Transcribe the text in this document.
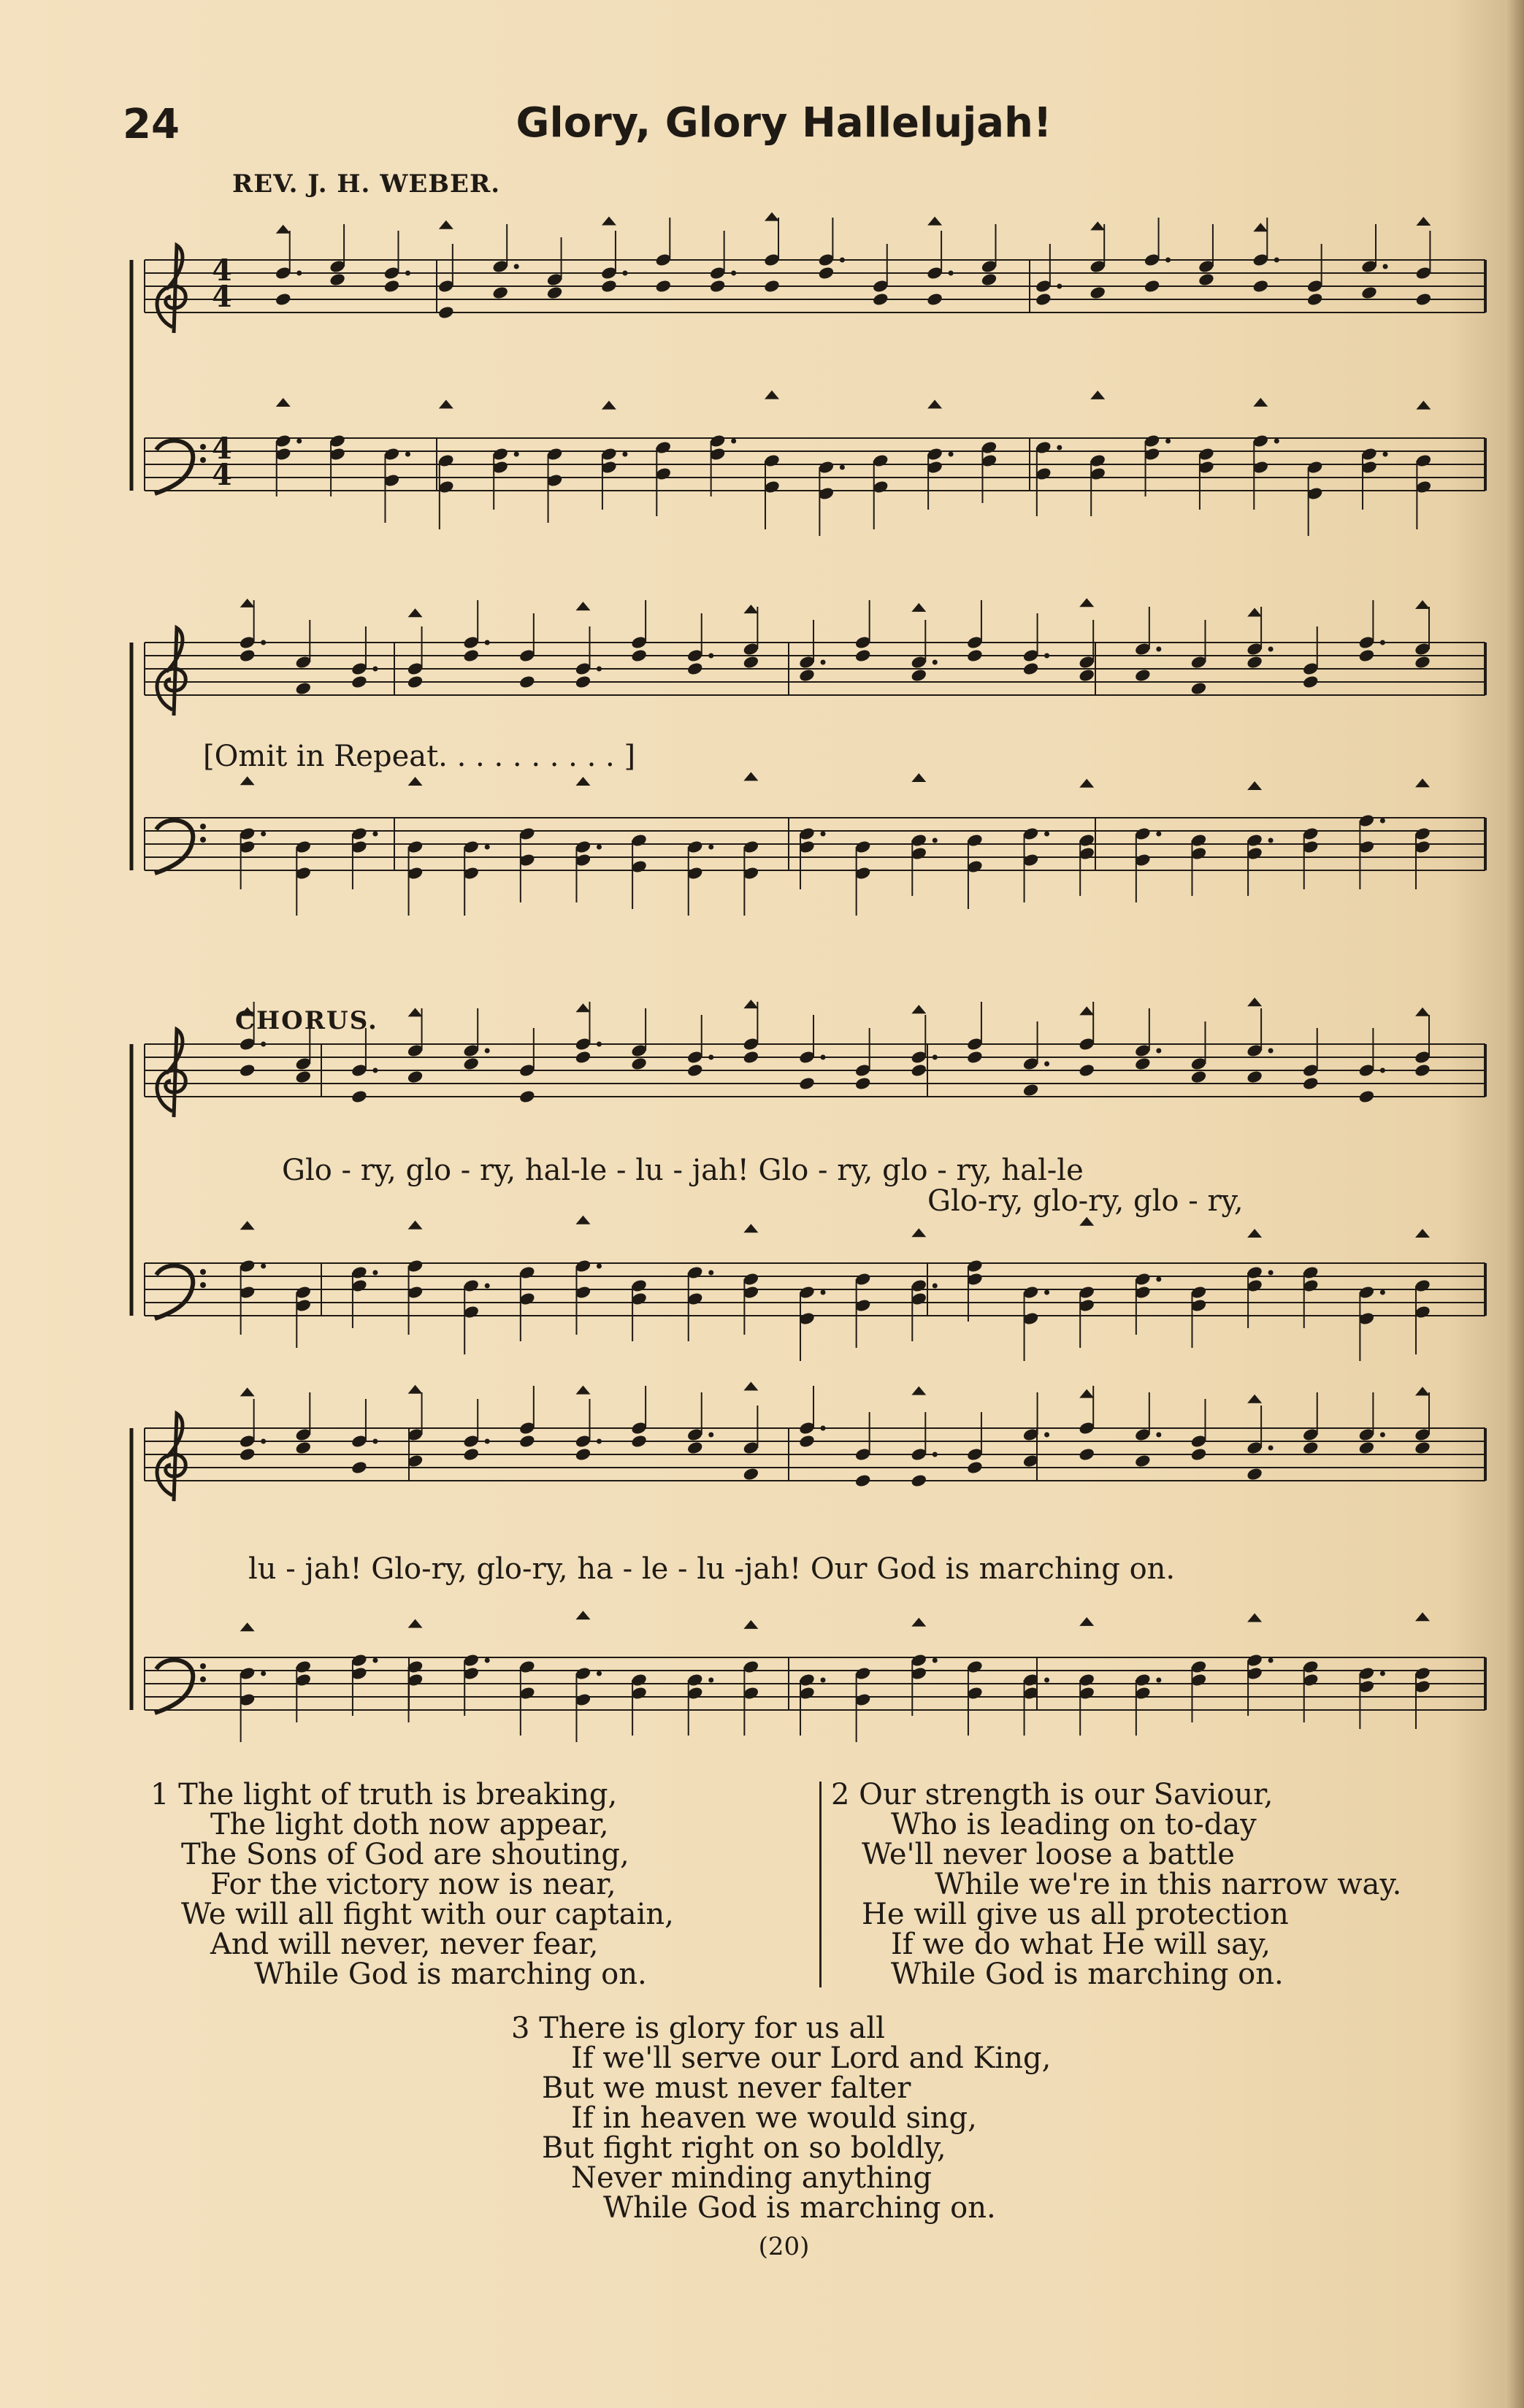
24	Glory, Glory Hallelujah!
REV. J. H. WEBER.
4
4
4
4
[Omit in Repeat. . . . . . . . . . ]
CHORUS.
Glo - ry, glo - ry, hal-le - lu - jah! Glo - ry, glo - ry, hal-le
Glo-ry, glo-ry, glo - ry,
lu - jah! Glo-ry, glo-ry, ha - le - lu -jah! Our God is marching on.
1 The light of truth is breaking,
The light doth now appear,
The Sons of God are shouting,
For the victory now is near,
We will all fight with our captain,
And will never, never fear,
While God is marching on.
2 Our strength is our Saviour,
Who is leading on to-day
We'll never loose a battle
While we're in this narrow way.
He will give us all protection
If we do what He will say,
While God is marching on.
3 There is glory for us all
If we'll serve our Lord and King,
But we must never falter
If in heaven we would sing,
But fight right on so boldly,
Never minding anything
While God is marching on.
(20)
